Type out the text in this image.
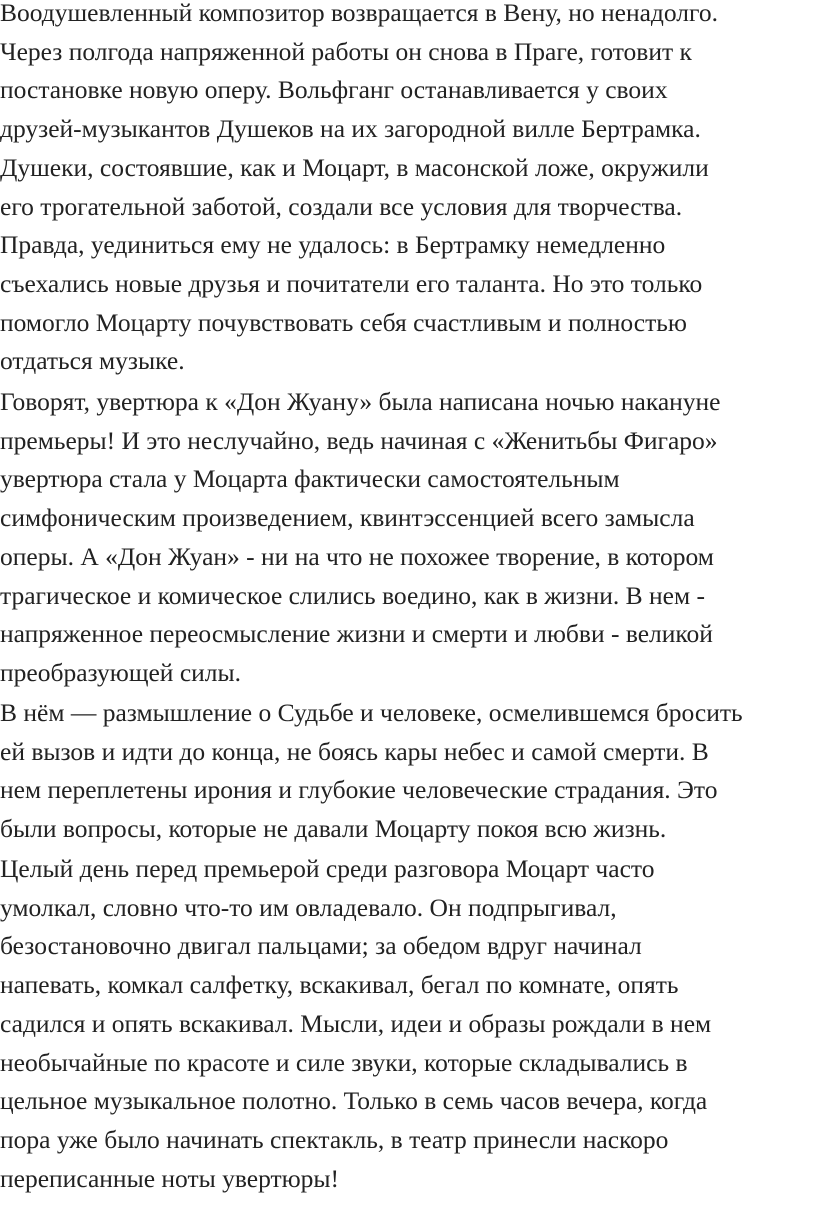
Воодушевленный композитор возвращается в Вену, но ненадолго.
Через полгода напряженной работы он снова в Праге, готовит к
постановке новую оперу. Вольфганг останавливается у своих
друзей-музыкантов Душеков на их загородной вилле Бертрамка.
Душеки, состоявшие, как и Моцарт, в масонской ложе, окружили
его трогательной заботой, создали все условия для творчества.
Правда, уединиться ему не удалось: в Бертрамку немедленно
съехались новые друзья и почитатели его таланта. Но это только
помогло Моцарту почувствовать себя счастливым и полностью
отдаться музыке.

Говорят, увертюра к «Дон Жуану» была написана ночью накануне
премьеры! И это неслучайно, ведь начиная с «Женитьбы Фигаро»
увертюра стала у Моцарта фактически самостоятельным
симфоническим произведением, квинтэссенцией всего замысла
оперы. А «Дон Жуан» - ни на что не похожее творение, в котором
трагическое и комическое слились воедино, как в жизни. В нем -
напряженное переосмысление жизни и смерти и любви - великой
преобразующей силы.

В нём — размышление о Судьбе и человеке, осмелившемся бросить
ей вызов и идти до конца, не боясь кары небес и самой смерти. В
нем переплетены ирония и глубокие человеческие страдания. Это
были вопросы, которые не давали Моцарту покоя всю жизнь.

Целый день перед премьерой среди разговора Моцарт часто
умолкал, словно что-то им овладевало. Он подпрыгивал,
безостановочно двигал пальцами; за обедом вдруг начинал
напевать, комкал салфетку, вскакивал, бегал по комнате, опять
садился и опять вскакивал. Мысли, идеи и образы рождали в нем
необычайные по красоте и силе звуки, которые складывались в
цельное музыкальное полотно. Только в семь часов вечера, когда
пора уже было начинать спектакль, в театр принесли наскоро
переписанные ноты увертюры!
